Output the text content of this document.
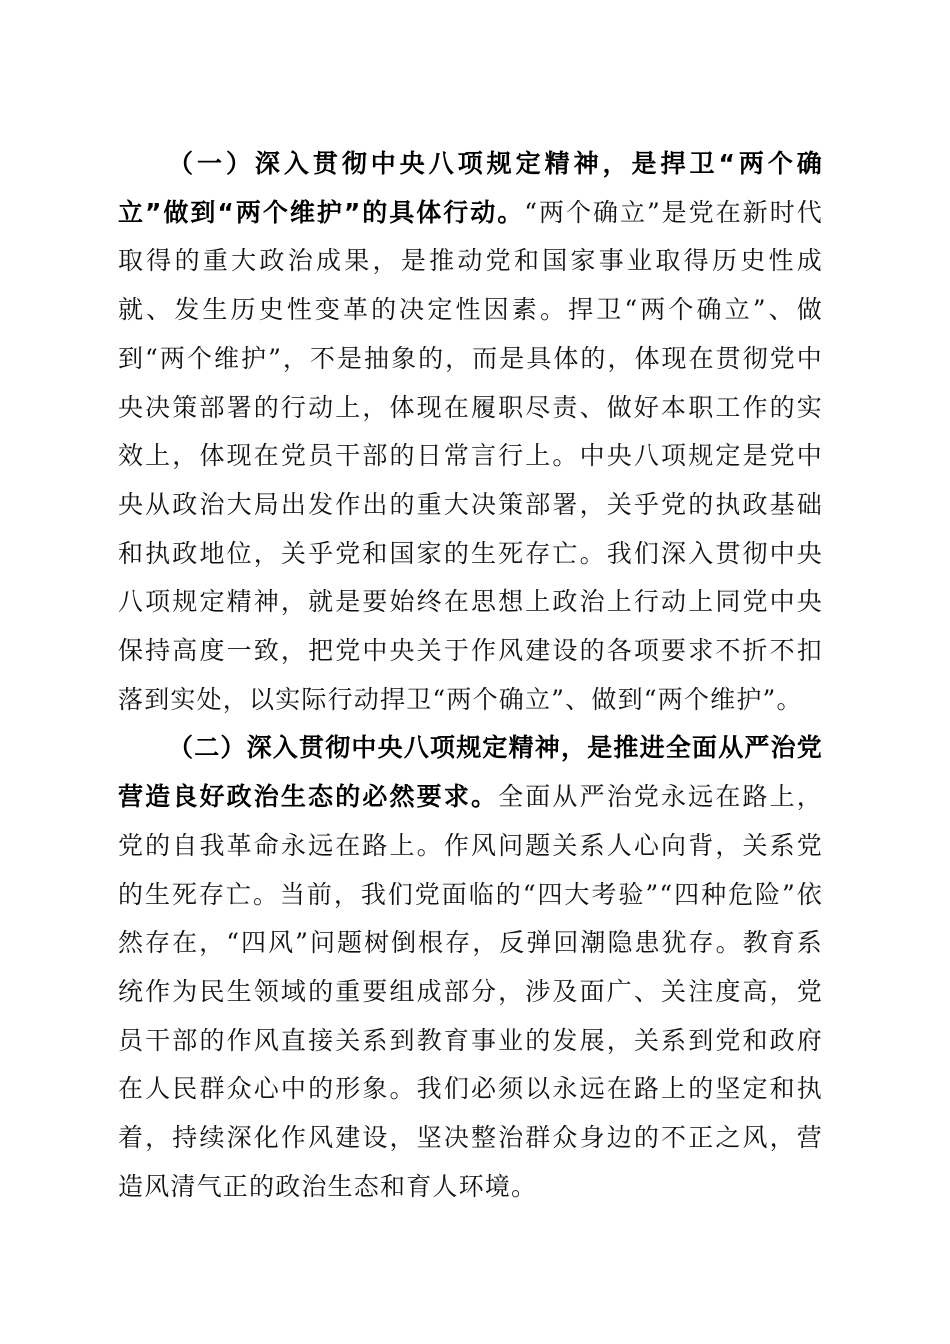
（一）深入贯彻中央八项规定精神，是捍卫“两个确立”做到“两个维护”的具体行动。“两个确立”是党在新时代取得的重大政治成果，是推动党和国家事业取得历史性成就、发生历史性变革的决定性因素。捍卫“两个确立”、做到“两个维护”，不是抽象的，而是具体的，体现在贯彻党中央决策部署的行动上，体现在履职尽责、做好本职工作的实效上，体现在党员干部的日常言行上。中央八项规定是党中央从政治大局出发作出的重大决策部署，关乎党的执政基础和执政地位，关乎党和国家的生死存亡。我们深入贯彻中央八项规定精神，就是要始终在思想上政治上行动上同党中央保持高度一致，把党中央关于作风建设的各项要求不折不扣落到实处，以实际行动捍卫“两个确立”、做到“两个维护”。

（二）深入贯彻中央八项规定精神，是推进全面从严治党营造良好政治生态的必然要求。全面从严治党永远在路上，党的自我革命永远在路上。作风问题关系人心向背，关系党的生死存亡。当前，我们党面临的“四大考验”“四种危险”依然存在，“四风”问题树倒根存，反弹回潮隐患犹存。教育系统作为民生领域的重要组成部分，涉及面广、关注度高，党员干部的作风直接关系到教育事业的发展，关系到党和政府在人民群众心中的形象。我们必须以永远在路上的坚定和执着，持续深化作风建设，坚决整治群众身边的不正之风，营造风清气正的政治生态和育人环境。
